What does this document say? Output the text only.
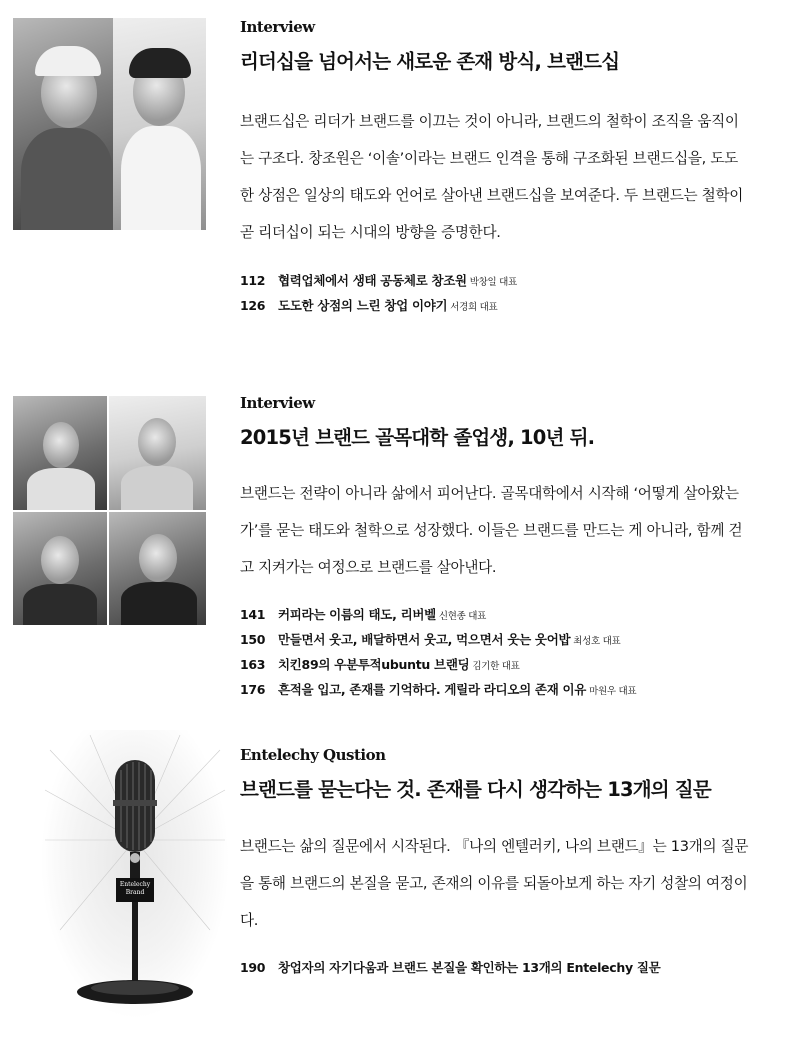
Interview

리더십을 넘어서는 새로운 존재 방식, 브랜드십

브랜드십은 리더가 브랜드를 이끄는 것이 아니라, 브랜드의 철학이 조직을 움직이는 구조다. 창조원은 ‘이솔’이라는 브랜드 인격을 통해 구조화된 브랜드십을, 도도한 상점은 일상의 태도와 언어로 살아낸 브랜드십을 보여준다. 두 브랜드는 철학이 곧 리더십이 되는 시대의 방향을 증명한다.

112 협력업체에서 생태 공동체로 창조원 박창일 대표
126 도도한 상점의 느린 창업 이야기 서경희 대표

Interview

2015년 브랜드 골목대학 졸업생, 10년 뒤.

브랜드는 전략이 아니라 삶에서 피어난다. 골목대학에서 시작해 ‘어떻게 살아왔는가’를 묻는 태도와 철학으로 성장했다. 이들은 브랜드를 만드는 게 아니라, 함께 걷고 지켜가는 여정으로 브랜드를 살아낸다.

141 커피라는 이름의 태도, 리버벨 신현종 대표
150 만들면서 웃고, 배달하면서 웃고, 먹으면서 웃는 웃어밥 최성호 대표
163 치킨89의 우분투적ubuntu 브랜딩 김기한 대표
176 흔적을 입고, 존재를 기억하다. 게릴라 라디오의 존재 이유 마원우 대표
Entelechy
Brand

Entelechy Qustion

브랜드를 묻는다는 것. 존재를 다시 생각하는 13개의 질문

브랜드는 삶의 질문에서 시작된다. 『나의 엔텔러키, 나의 브랜드』는 13개의 질문을 통해 브랜드의 본질을 묻고, 존재의 이유를 되돌아보게 하는 자기 성찰의 여정이다.

190 창업자의 자기다움과 브랜드 본질을 확인하는 13개의 Entelechy 질문
